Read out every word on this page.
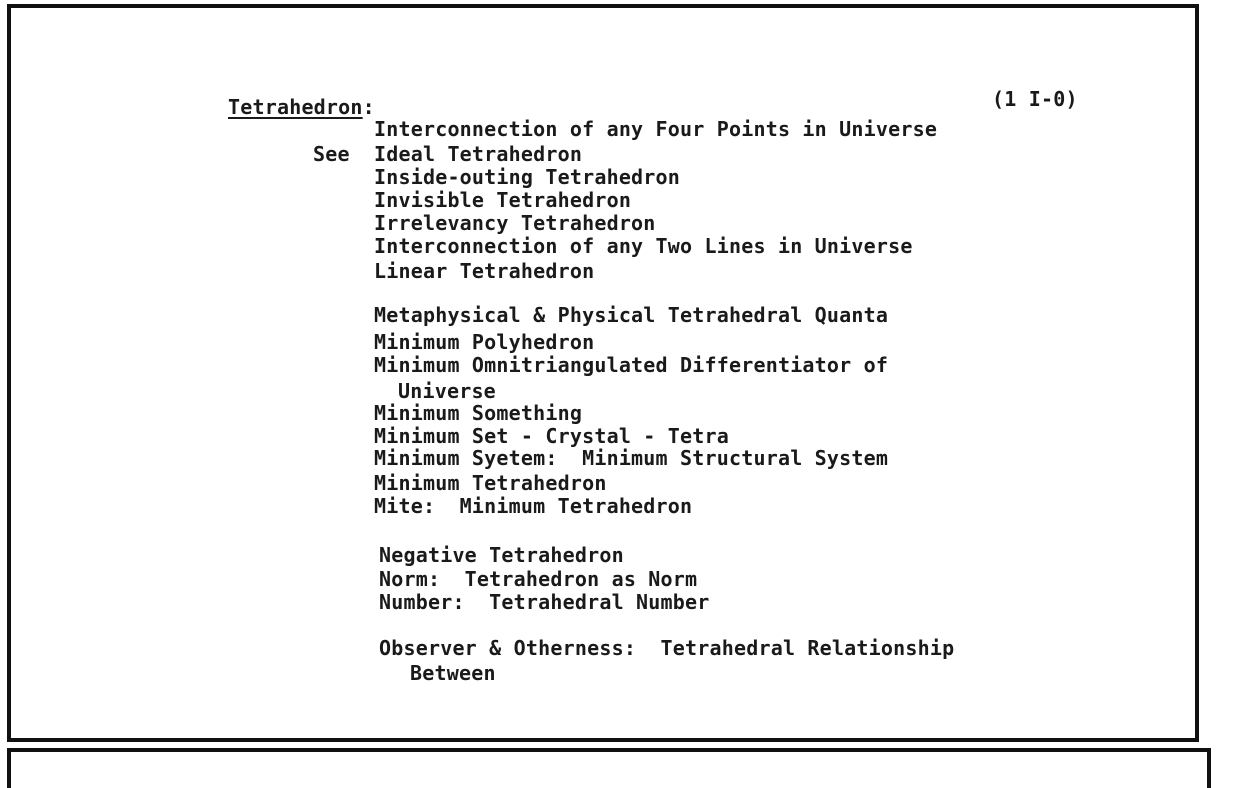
Tetrahedron:	(1 I-0)
Interconnection of any Four Points in Universe
See Ideal Tetrahedron
Inside-outing Tetrahedron
Invisible Tetrahedron
Irrelevancy Tetrahedron
Interconnection of any Two Lines in Universe
Linear Tetrahedron
Metaphysical & Physical Tetrahedral Quanta
Minimum Polyhedron
Minimum Omnitriangulated Differentiator of
Universe
Minimum Something
Minimum Set - Crystal - Tetra
Minimum Syetem:  Minimum Structural System
Minimum Tetrahedron
Mite:  Minimum Tetrahedron
Negative Tetrahedron
Norm:  Tetrahedron as Norm
Number:  Tetrahedral Number
Observer & Otherness:  Tetrahedral Relationship
Between
